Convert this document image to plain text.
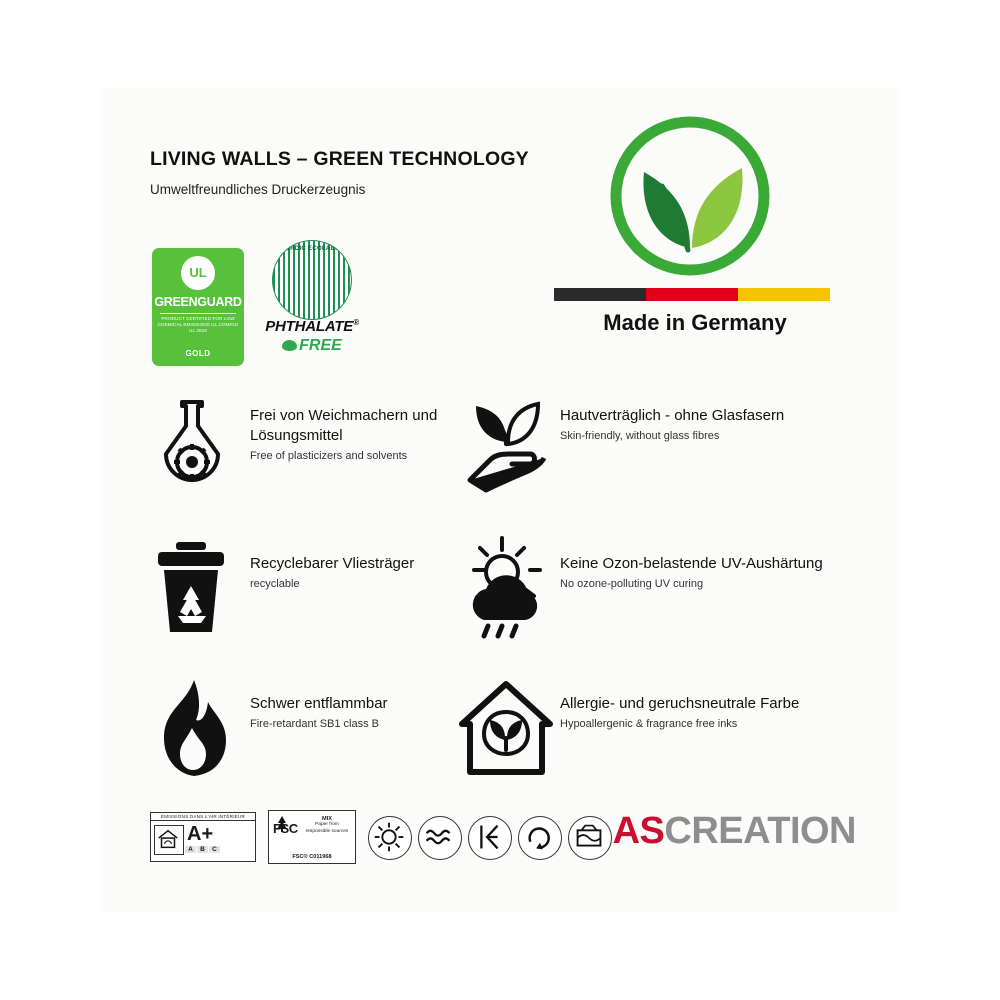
LIVING WALLS – GREEN TECHNOLOGY
Umweltfreundliches Druckerzeugnis
UL
GREENGUARD
PRODUCT CERTIFIED FOR LOW CHEMICAL EMISSIONS UL.COM/GG UL 2818
GOLD
NORDIC ECOLABEL
PHTHALATE®
FREE
Made in Germany
Frei von Weichmachern und Lösungsmittel
Free of plasticizers and solvents
Hautverträglich - ohne Glasfasern
Skin-friendly, without glass fibres
Recyclebarer Vliesträger
recyclable
Keine Ozon-belastende UV-Aushärtung
No ozone-polluting UV curing
Schwer entflammbar
Fire-retardant SB1 class B
Allergie- und geruchsneutrale Farbe
Hypoallergenic & fragrance free inks
ÉMISSIONS DANS L'AIR INTÉRIEUR
A+
A	B	C
FSC
MIX
Paper from
responsible sources
FSC® C011968
ASCREATION
